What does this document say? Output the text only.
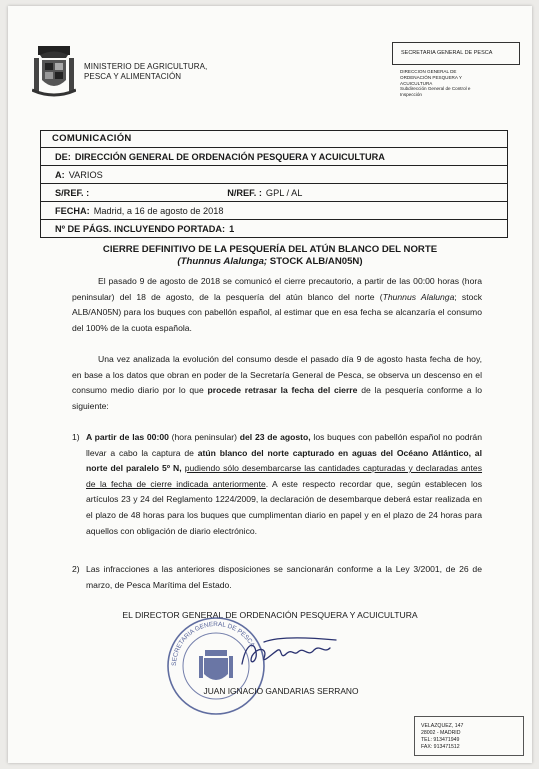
MINISTERIO DE AGRICULTURA,
PESCA Y ALIMENTACIÓN
SECRETARIA GENERAL DE PESCA
DIRECCION GENERAL DE
ORDENACIÓN PESQUERA Y
ACUICULTURA
Subdirección General de Control e
Inspección
COMUNICACIÓN
DE: DIRECCIÓN GENERAL DE ORDENACIÓN PESQUERA Y ACUICULTURA
A: VARIOS
S/REF. :	N/REF. : GPL / AL
FECHA: Madrid, a 16 de agosto de 2018
Nº DE PÁGS. INCLUYENDO PORTADA: 1
CIERRE DEFINITIVO DE LA PESQUERÍA DEL ATÚN BLANCO DEL NORTE
(Thunnus Alalunga; STOCK ALB/AN05N)
El pasado 9 de agosto de 2018 se comunicó el cierre precautorio, a partir de las 00:00 horas (hora peninsular) del 18 de agosto, de la pesquería del atún blanco del norte (Thunnus Alalunga; stock ALB/AN05N) para los buques con pabellón español, al estimar que en esa fecha se alcanzaría el consumo del 100% de la cuota española.
Una vez analizada la evolución del consumo desde el pasado día 9 de agosto hasta fecha de hoy, en base a los datos que obran en poder de la Secretaría General de Pesca, se observa un descenso en el consumo medio diario por lo que procede retrasar la fecha del cierre de la pesquería conforme a lo siguiente:
1) A partir de las 00:00 (hora peninsular) del 23 de agosto, los buques con pabellón español no podrán llevar a cabo la captura de atún blanco del norte capturado en aguas del Océano Atlántico, al norte del paralelo 5º N, pudiendo sólo desembarcarse las cantidades capturadas y declaradas antes de la fecha de cierre indicada anteriormente. A este respecto recordar que, según establecen los artículos 23 y 24 del Reglamento 1224/2009, la declaración de desembarque deberá estar realizada en el plazo de 48 horas para los buques que cumplimentan diario en papel y en el plazo de 24 horas para aquellos con obligación de diario electrónico.
2) Las infracciones a las anteriores disposiciones se sancionarán conforme a la Ley 3/2001, de 26 de marzo, de Pesca Marítima del Estado.
EL DIRECTOR GENERAL DE ORDENACIÓN PESQUERA Y ACUICULTURA
SECRETARIA GENERAL DE PESCA
JUAN IGNACIO GANDARIAS SERRANO
VELAZQUEZ, 147
28002 - MADRID
TEL: 913471949
FAX: 913471512
